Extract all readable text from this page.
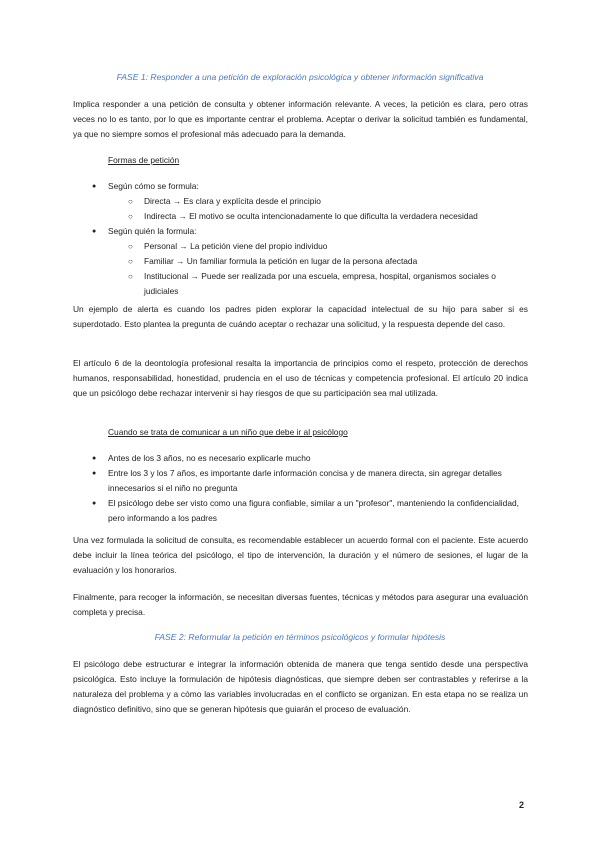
FASE 1: Responder a una petición de exploración psicológica y obtener información significativa
Implica responder a una petición de consulta y obtener información relevante. A veces, la petición es clara, pero otras veces no lo es tanto, por lo que es importante centrar el problema. Aceptar o derivar la solicitud también es fundamental, ya que no siempre somos el profesional más adecuado para la demanda.
Formas de petición
● Según cómo se formula:
○ Directa → Es clara y explícita desde el principio
○ Indirecta → El motivo se oculta intencionadamente lo que dificulta la verdadera necesidad
● Según quién la formula:
○ Personal → La petición viene del propio individuo
○ Familiar → Un familiar formula la petición en lugar de la persona afectada
○ Institucional → Puede ser realizada por una escuela, empresa, hospital, organismos sociales o judiciales
Un ejemplo de alerta es cuando los padres piden explorar la capacidad intelectual de su hijo para saber si es superdotado. Esto plantea la pregunta de cuándo aceptar o rechazar una solicitud, y la respuesta depende del caso.
El artículo 6 de la deontología profesional resalta la importancia de principios como el respeto, protección de derechos humanos, responsabilidad, honestidad, prudencia en el uso de técnicas y competencia profesional. El artículo 20 indica que un psicólogo debe rechazar intervenir si hay riesgos de que su participación sea mal utilizada.
Cuando se trata de comunicar a un niño que debe ir al psicólogo
● Antes de los 3 años, no es necesario explicarle mucho
● Entre los 3 y los 7 años, es importante darle información concisa y de manera directa, sin agregar detalles innecesarios si el niño no pregunta
● El psicólogo debe ser visto como una figura confiable, similar a un "profesor", manteniendo la confidencialidad, pero informando a los padres
Una vez formulada la solicitud de consulta, es recomendable establecer un acuerdo formal con el paciente. Este acuerdo debe incluir la línea teórica del psicólogo, el tipo de intervención, la duración y el número de sesiones, el lugar de la evaluación y los honorarios.
Finalmente, para recoger la información, se necesitan diversas fuentes, técnicas y métodos para asegurar una evaluación completa y precisa.
FASE 2: Reformular la petición en términos psicológicos y formular hipótesis
El psicólogo debe estructurar e integrar la información obtenida de manera que tenga sentido desde una perspectiva psicológica. Esto incluye la formulación de hipótesis diagnósticas, que siempre deben ser contrastables y referirse a la naturaleza del problema y a cómo las variables involucradas en el conflicto se organizan. En esta etapa no se realiza un diagnóstico definitivo, sino que se generan hipótesis que guiarán el proceso de evaluación.
2
